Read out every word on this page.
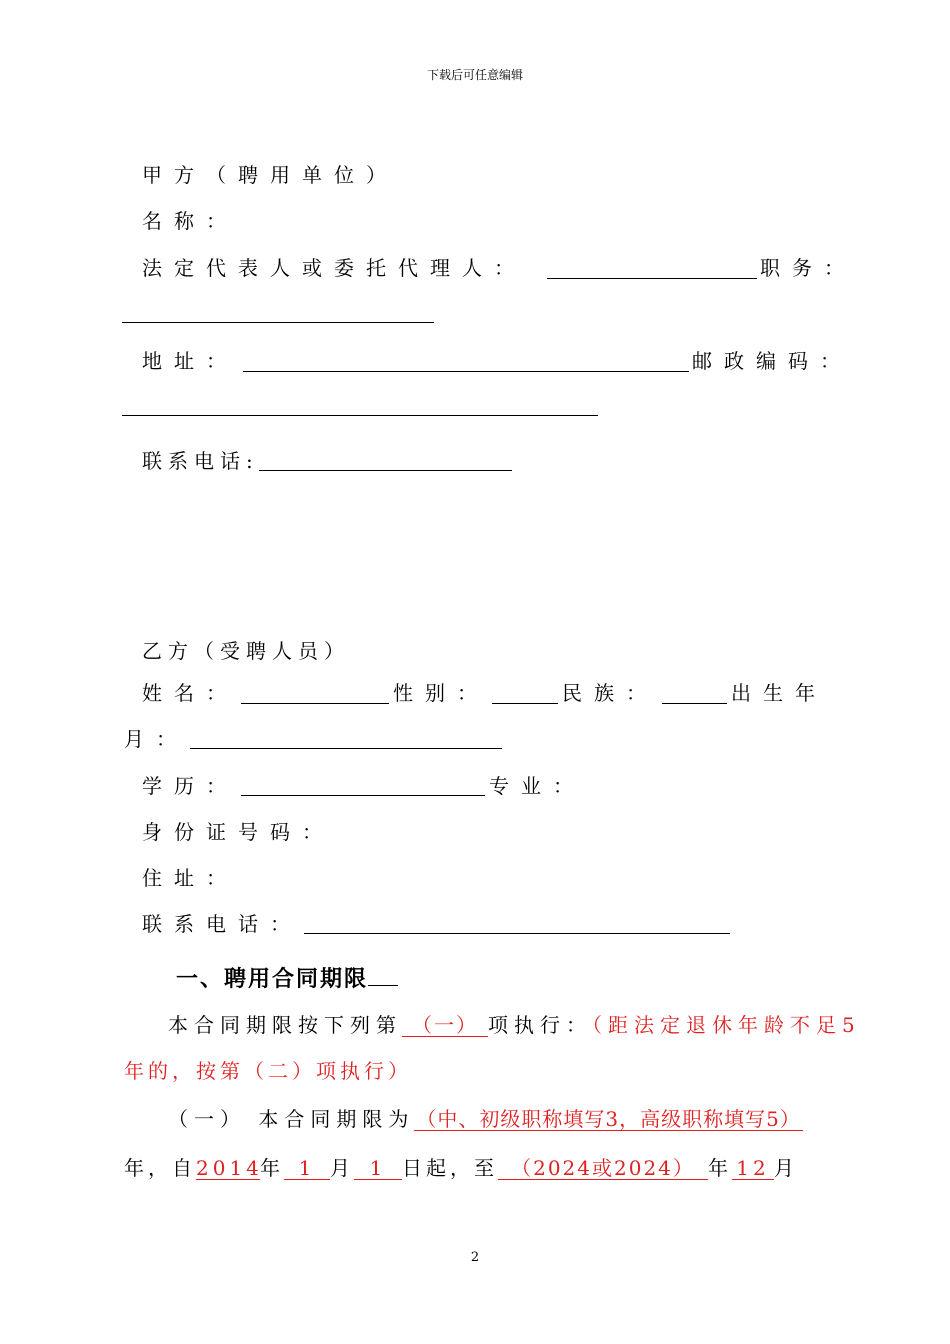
下载后可任意编辑
甲方（聘用单位）
名称：
法定代表人或委托代理人：	职务：
地址：	邮政编码：
联系电话:
乙方（受聘人员）
姓名：	性别：	民族：	出生年
月：
学历：	专业：
身份证号码：
住址：
联系电话：
一、聘用合同期限
本合同期限按下列第 （一） 项执行：（距法定退休年龄不足5
年的，按第（二）项执行）
（一） 本合同期限为 （中、初级职称填写3，高级职称填写5）
年，自2014年 1 月 1 日起，至 （2024或2024） 年 12 月
2
